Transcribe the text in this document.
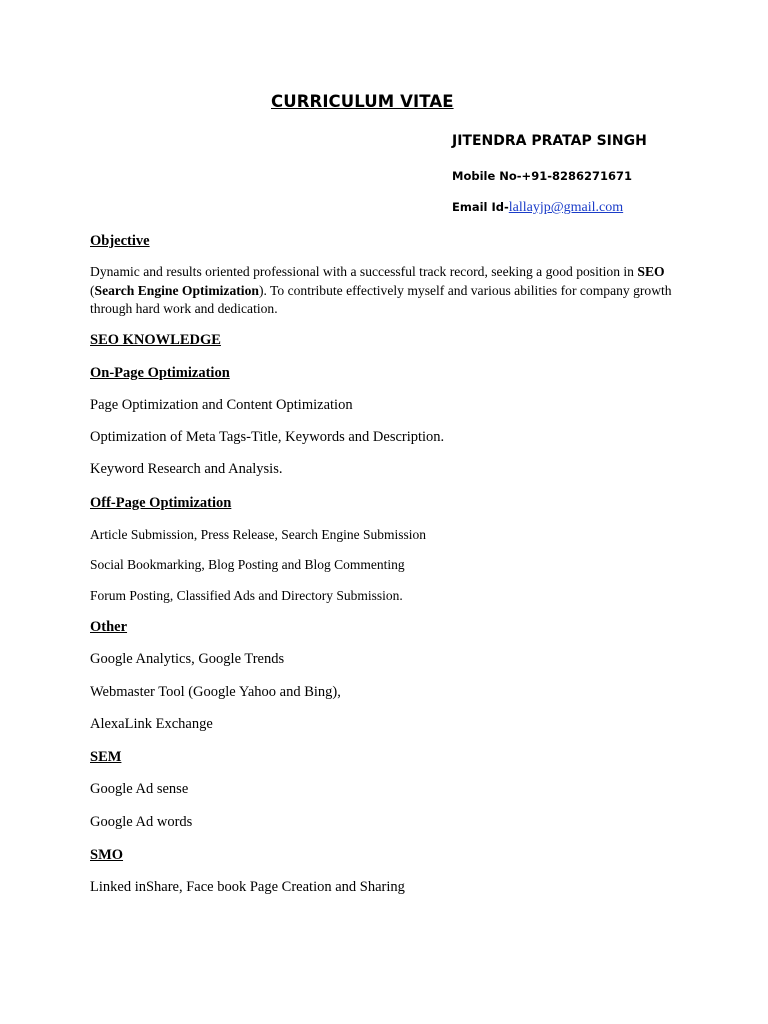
CURRICULUM VITAE
JITENDRA PRATAP SINGH
Mobile No-+91-8286271671
Email Id-lallayjp@gmail.com
Objective
Dynamic and results oriented professional with a successful track record, seeking a good position in SEO (Search Engine Optimization). To contribute effectively myself and various abilities for company growth through hard work and dedication.
SEO KNOWLEDGE
On-Page Optimization
Page Optimization and Content Optimization
Optimization of Meta Tags-Title, Keywords and Description.
Keyword Research and Analysis.
Off-Page Optimization
Article Submission, Press Release, Search Engine Submission
Social Bookmarking, Blog Posting and Blog Commenting
Forum Posting, Classified Ads and Directory Submission.
Other
Google Analytics, Google Trends
Webmaster Tool (Google Yahoo and Bing),
AlexaLink Exchange
SEM
Google Ad sense
Google Ad words
SMO
Linked inShare, Face book Page Creation and Sharing
